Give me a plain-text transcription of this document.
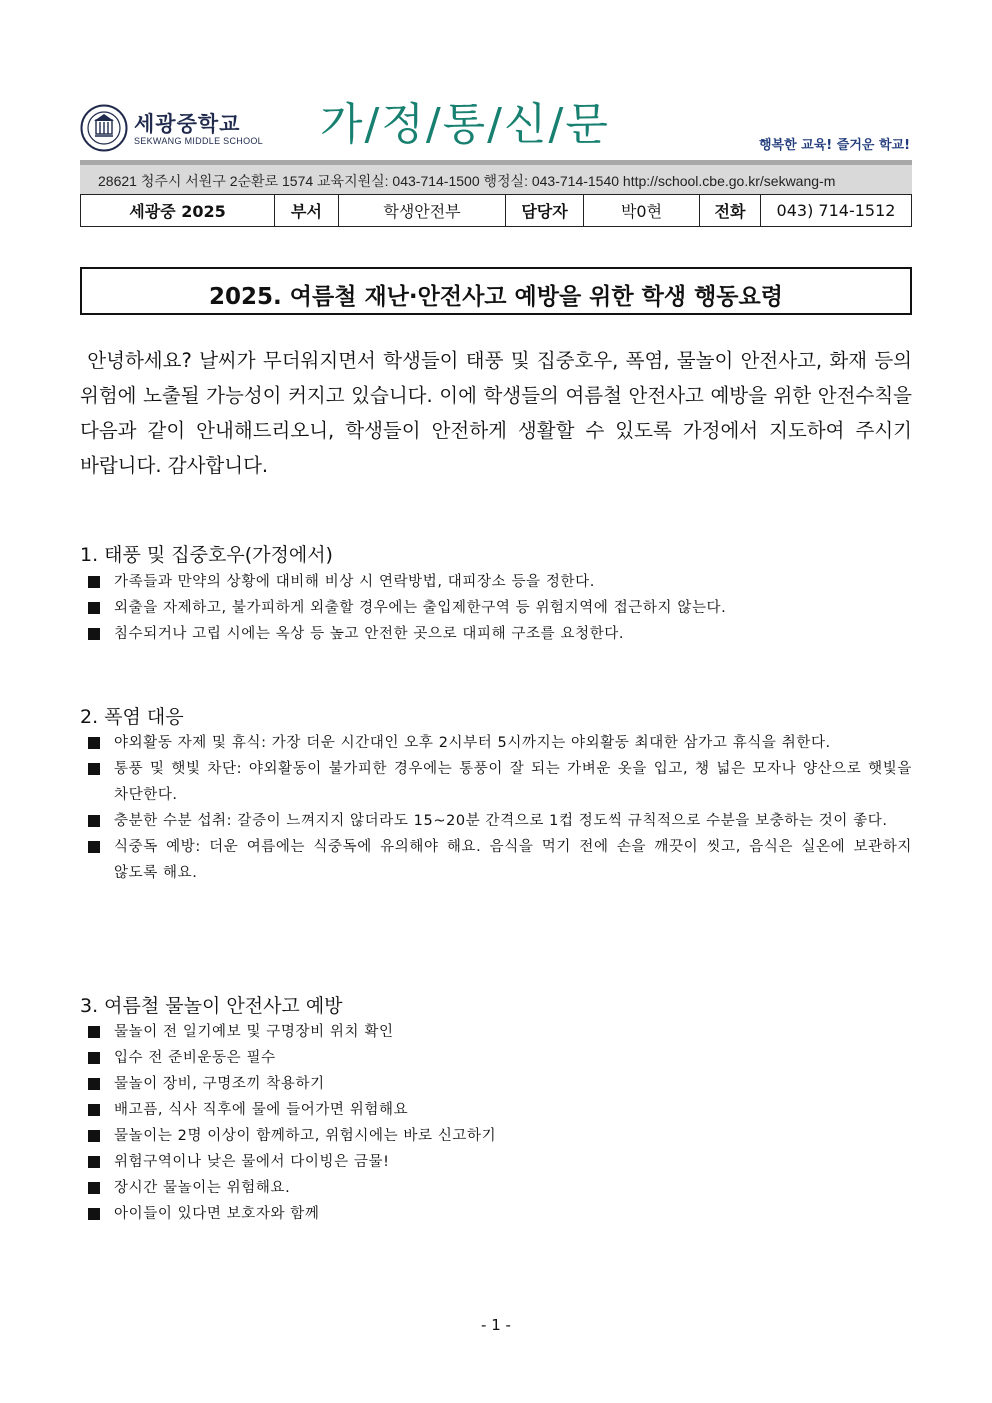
세광중학교
SEKWANG MIDDLE SCHOOL 가/정/통/신/문	행복한 교육! 즐거운 학교!
28621 청주시 서원구 2순환로 1574 교육지원실: 043-714-1500 행정실: 043-714-1540 http://school.cbe.go.kr/sekwang-m
세광중 2025	부서	학생안전부	담당자	박0현	전화	043) 714-1512
2025. 여름철 재난·안전사고 예방을 위한 학생 행동요령
안녕하세요? 날씨가 무더워지면서 학생들이 태풍 및 집중호우, 폭염, 물놀이 안전사고, 화재 등의 위험에 노출될 가능성이 커지고 있습니다. 이에 학생들의 여름철 안전사고 예방을 위한 안전수칙을 다음과 같이 안내해드리오니, 학생들이 안전하게 생활할 수 있도록 가정에서 지도하여 주시기 바랍니다. 감사합니다.
1. 태풍 및 집중호우(가정에서)
가족들과 만약의 상황에 대비해 비상 시 연락방법, 대피장소 등을 정한다.
외출을 자제하고, 불가피하게 외출할 경우에는 출입제한구역 등 위험지역에 접근하지 않는다.
침수되거나 고립 시에는 옥상 등 높고 안전한 곳으로 대피해 구조를 요청한다.
2. 폭염 대응
야외활동 자제 및 휴식: 가장 더운 시간대인 오후 2시부터 5시까지는 야외활동 최대한 삼가고 휴식을 취한다.
통풍 및 햇빛 차단: 야외활동이 불가피한 경우에는 통풍이 잘 되는 가벼운 옷을 입고, 챙 넓은 모자나 양산으로 햇빛을 차단한다.
충분한 수분 섭취: 갈증이 느껴지지 않더라도 15~20분 간격으로 1컵 정도씩 규칙적으로 수분을 보충하는 것이 좋다.
식중독 예방: 더운 여름에는 식중독에 유의해야 해요. 음식을 먹기 전에 손을 깨끗이 씻고, 음식은 실온에 보관하지 않도록 해요.
3. 여름철 물놀이 안전사고 예방
물놀이 전 일기예보 및 구명장비 위치 확인
입수 전 준비운동은 필수
물놀이 장비, 구명조끼 착용하기
배고픔, 식사 직후에 물에 들어가면 위험해요
물놀이는 2명 이상이 함께하고, 위험시에는 바로 신고하기
위험구역이나 낮은 물에서 다이빙은 금물!
장시간 물놀이는 위험해요.
아이들이 있다면 보호자와 함께
- 1 -
